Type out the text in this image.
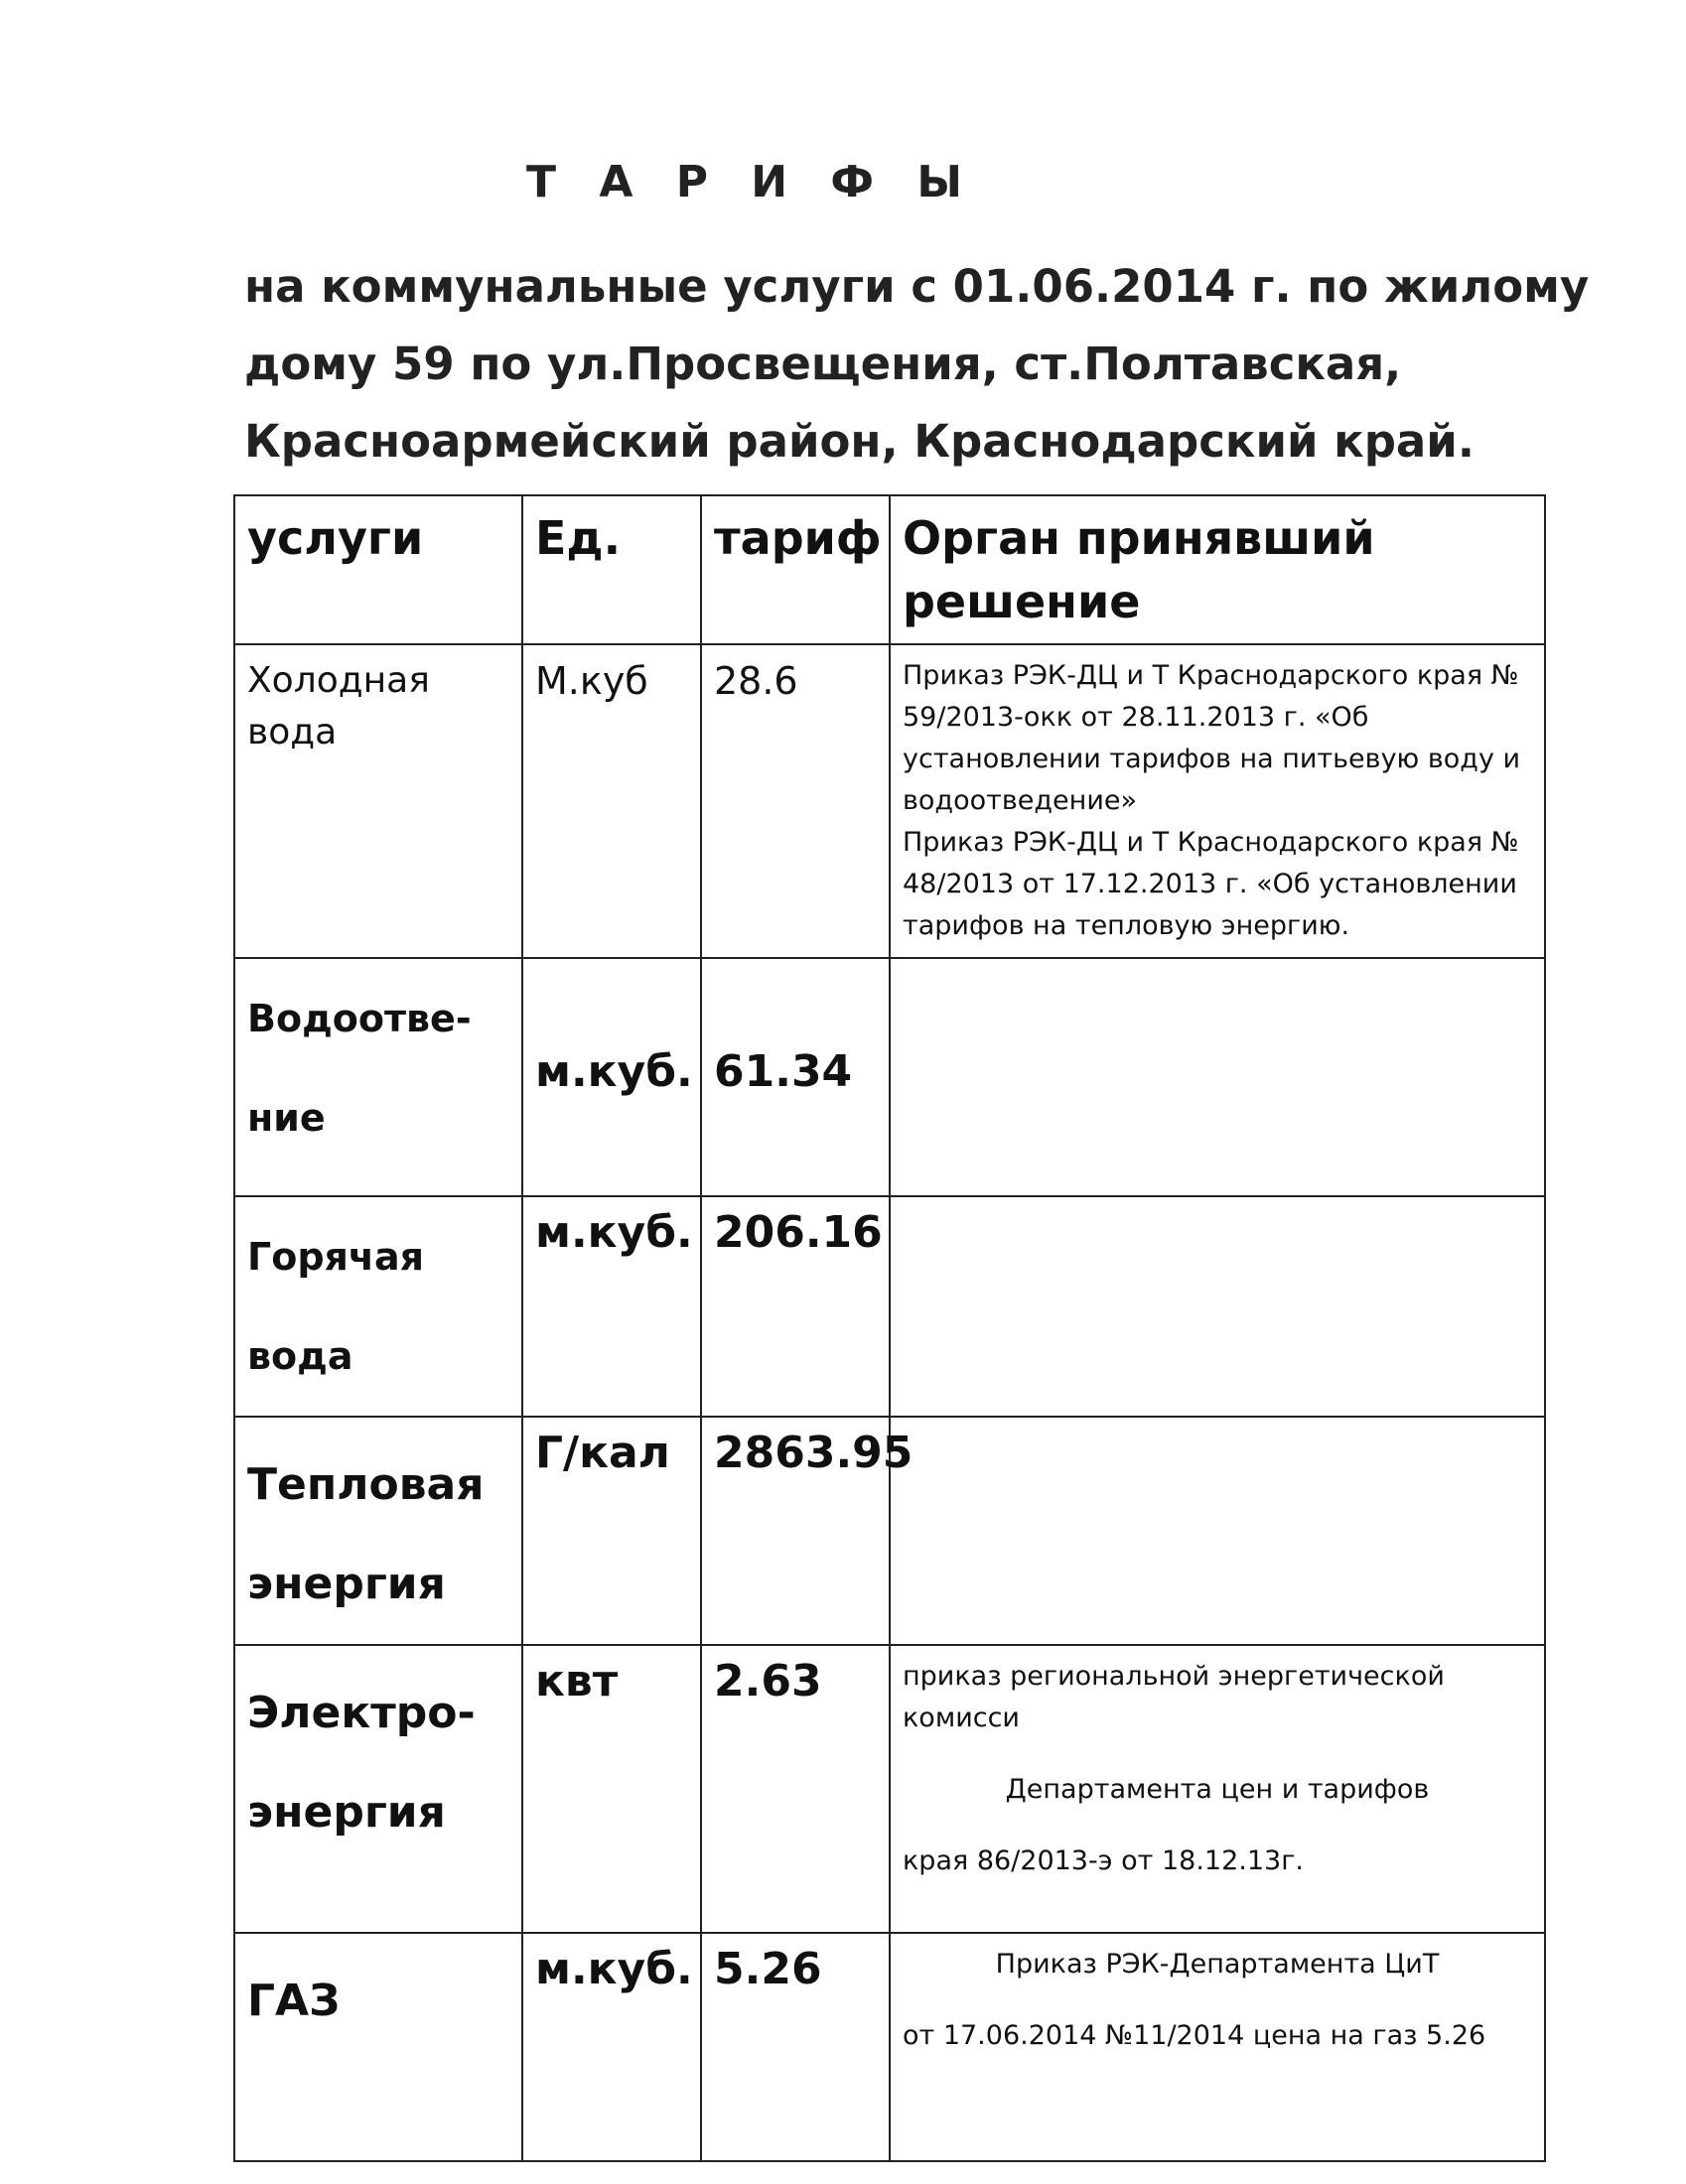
Т А Р И Ф Ы
на коммунальные услуги с 01.06.2014 г. по жилому
дому 59 по ул.Просвещения, ст.Полтавская,
Красноармейский район, Краснодарский край.
услуги	Ед.	тариф	Орган принявший решение
Холодная вода	М.куб	28.6	Приказ РЭК-ДЦ и Т Краснодарского края № 59/2013-окк от 28.11.2013 г. «Об установлении тарифов на питьевую воду и водоотведение»
Приказ РЭК-ДЦ и Т Краснодарского края № 48/2013 от 17.12.2013 г. «Об установлении тарифов на тепловую энергию.

Водоотве-ние	м.куб.	61.34	
Горячая вода	м.куб.	206.16	
Тепловая энергия	Г/кал	2863.95	
Электро-энергия	квт	2.63	приказ региональной энергетической комисси
Департамента цен и тарифов
края 86/2013-э от 18.12.13г.

ГАЗ	м.куб.	5.26	Приказ РЭК-Департамента ЦиТ
от 17.06.2014 №11/2014 цена на газ 5.26
